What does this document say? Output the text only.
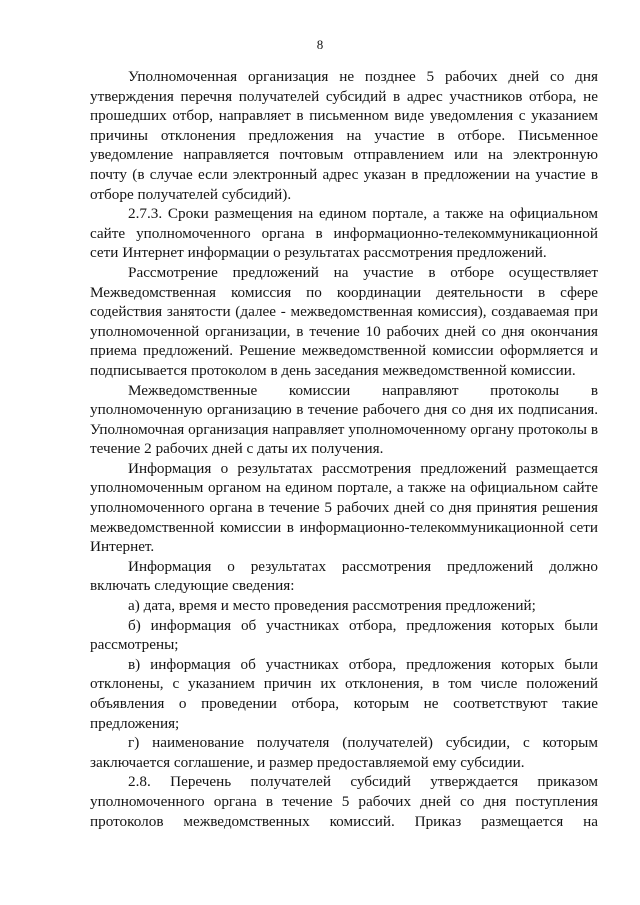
8

Уполномоченная организация не позднее 5 рабочих дней со дня утверждения перечня получателей субсидий в адрес участников отбора, не прошедших отбор, направляет в письменном виде уведомления с указанием причины отклонения предложения на участие в отборе. Письменное уведомление направляется почтовым отправлением или на электронную почту (в случае если электронный адрес указан в предложении на участие в отборе получателей субсидий).

2.7.3. Сроки размещения на едином портале, а также на официальном сайте уполномоченного органа в информационно-телекоммуникационной сети Интернет информации о результатах рассмотрения предложений.

Рассмотрение предложений на участие в отборе осуществляет Межведомственная комиссия по координации деятельности в сфере содействия занятости (далее - межведомственная комиссия), создаваемая при уполномоченной организации, в течение 10 рабочих дней со дня окончания приема предложений. Решение межведомственной комиссии оформляется и подписывается протоколом в день заседания межведомственной комиссии.

Межведомственные комиссии направляют протоколы в уполномоченную организацию в течение рабочего дня со дня их подписания. Уполномочная организация направляет уполномоченному органу протоколы в течение 2 рабочих дней с даты их получения.

Информация о результатах рассмотрения предложений размещается уполномоченным органом на едином портале, а также на официальном сайте уполномоченного органа в течение 5 рабочих дней со дня принятия решения межведомственной комиссии в информационно-телекоммуникационной сети Интернет.

Информация о результатах рассмотрения предложений должно включать следующие сведения:

а) дата, время и место проведения рассмотрения предложений;

б) информация об участниках отбора, предложения которых были рассмотрены;

в) информация об участниках отбора, предложения которых были отклонены, с указанием причин их отклонения, в том числе положений объявления о проведении отбора, которым не соответствуют такие предложения;

г) наименование получателя (получателей) субсидии, с которым заключается соглашение, и размер предоставляемой ему субсидии.

2.8. Перечень получателей субсидий утверждается приказом уполномоченного органа в течение 5 рабочих дней со дня поступления протоколов межведомственных комиссий. Приказ размещается на
